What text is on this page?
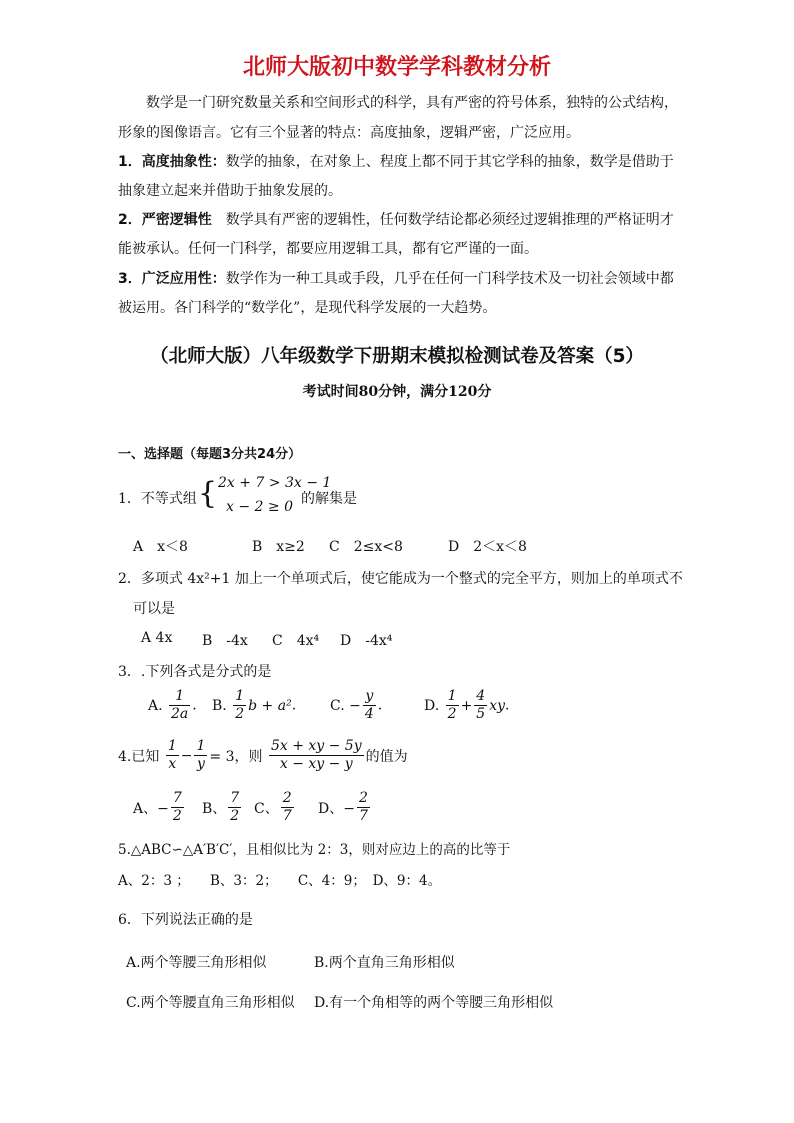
北师大版初中数学学科教材分析
数学是一门研究数量关系和空间形式的科学，具有严密的符号体系，独特的公式结构，
形象的图像语言。它有三个显著的特点：高度抽象，逻辑严密，广泛应用。
1．高度抽象性：数学的抽象，在对象上、程度上都不同于其它学科的抽象，数学是借助于
抽象建立起来并借助于抽象发展的。
2．严密逻辑性　 数学具有严密的逻辑性，任何数学结论都必须经过逻辑推理的严格证明才
能被承认。任何一门科学，都要应用逻辑工具，都有它严谨的一面。
3．广泛应用性：数学作为一种工具或手段，几乎在任何一门科学技术及一切社会领域中都
被运用。各门科学的“数学化”，是现代科学发展的一大趋势。
（北师大版）八年级数学下册期末模拟检测试卷及答案（5）
考试时间80分钟，满分120分
一、选择题（每题3分共24分）
1．不等式组 { 2x + 7 > 3x − 1
x − 2 ≥ 0 的解集是
A　x＜8	B　x≥2 C　2≤x<8	D　2＜x＜8
2．多项式 4x²+1 加上一个单项式后，使它能成为一个整式的完全平方，则加上的单项式不
可以是
A 4x B　-4x C　4x⁴ D　-4x⁴
3．.下列各式是分式的是
A. $\frac{1}{2a}$ . B. $\frac{1}{2}$ b + a². C. − $\frac{y}{4}$ .	D. $\frac{1}{2} + \frac{4}{5}$ xy.
4.已知 $\frac{1}{x} - \frac{1}{y} = 3$，则 $\frac{5x + xy - 5y}{x - xy - y}$ 的值为
A、− $\frac{7}{2}$ B、 $\frac{7}{2}$ C、 $\frac{2}{7}$ D、− $\frac{2}{7}$
5.△ABC∽△A′B′C′，且相似比为 2：3，则对应边上的高的比等于
A、2：3 ；　　B、3：2；　　C、4：9；　D、9：4。
6．下列说法正确的是
A.两个等腰三角形相似	B.两个直角三角形相似
C.两个等腰直角三角形相似 D.有一个角相等的两个等腰三角形相似
